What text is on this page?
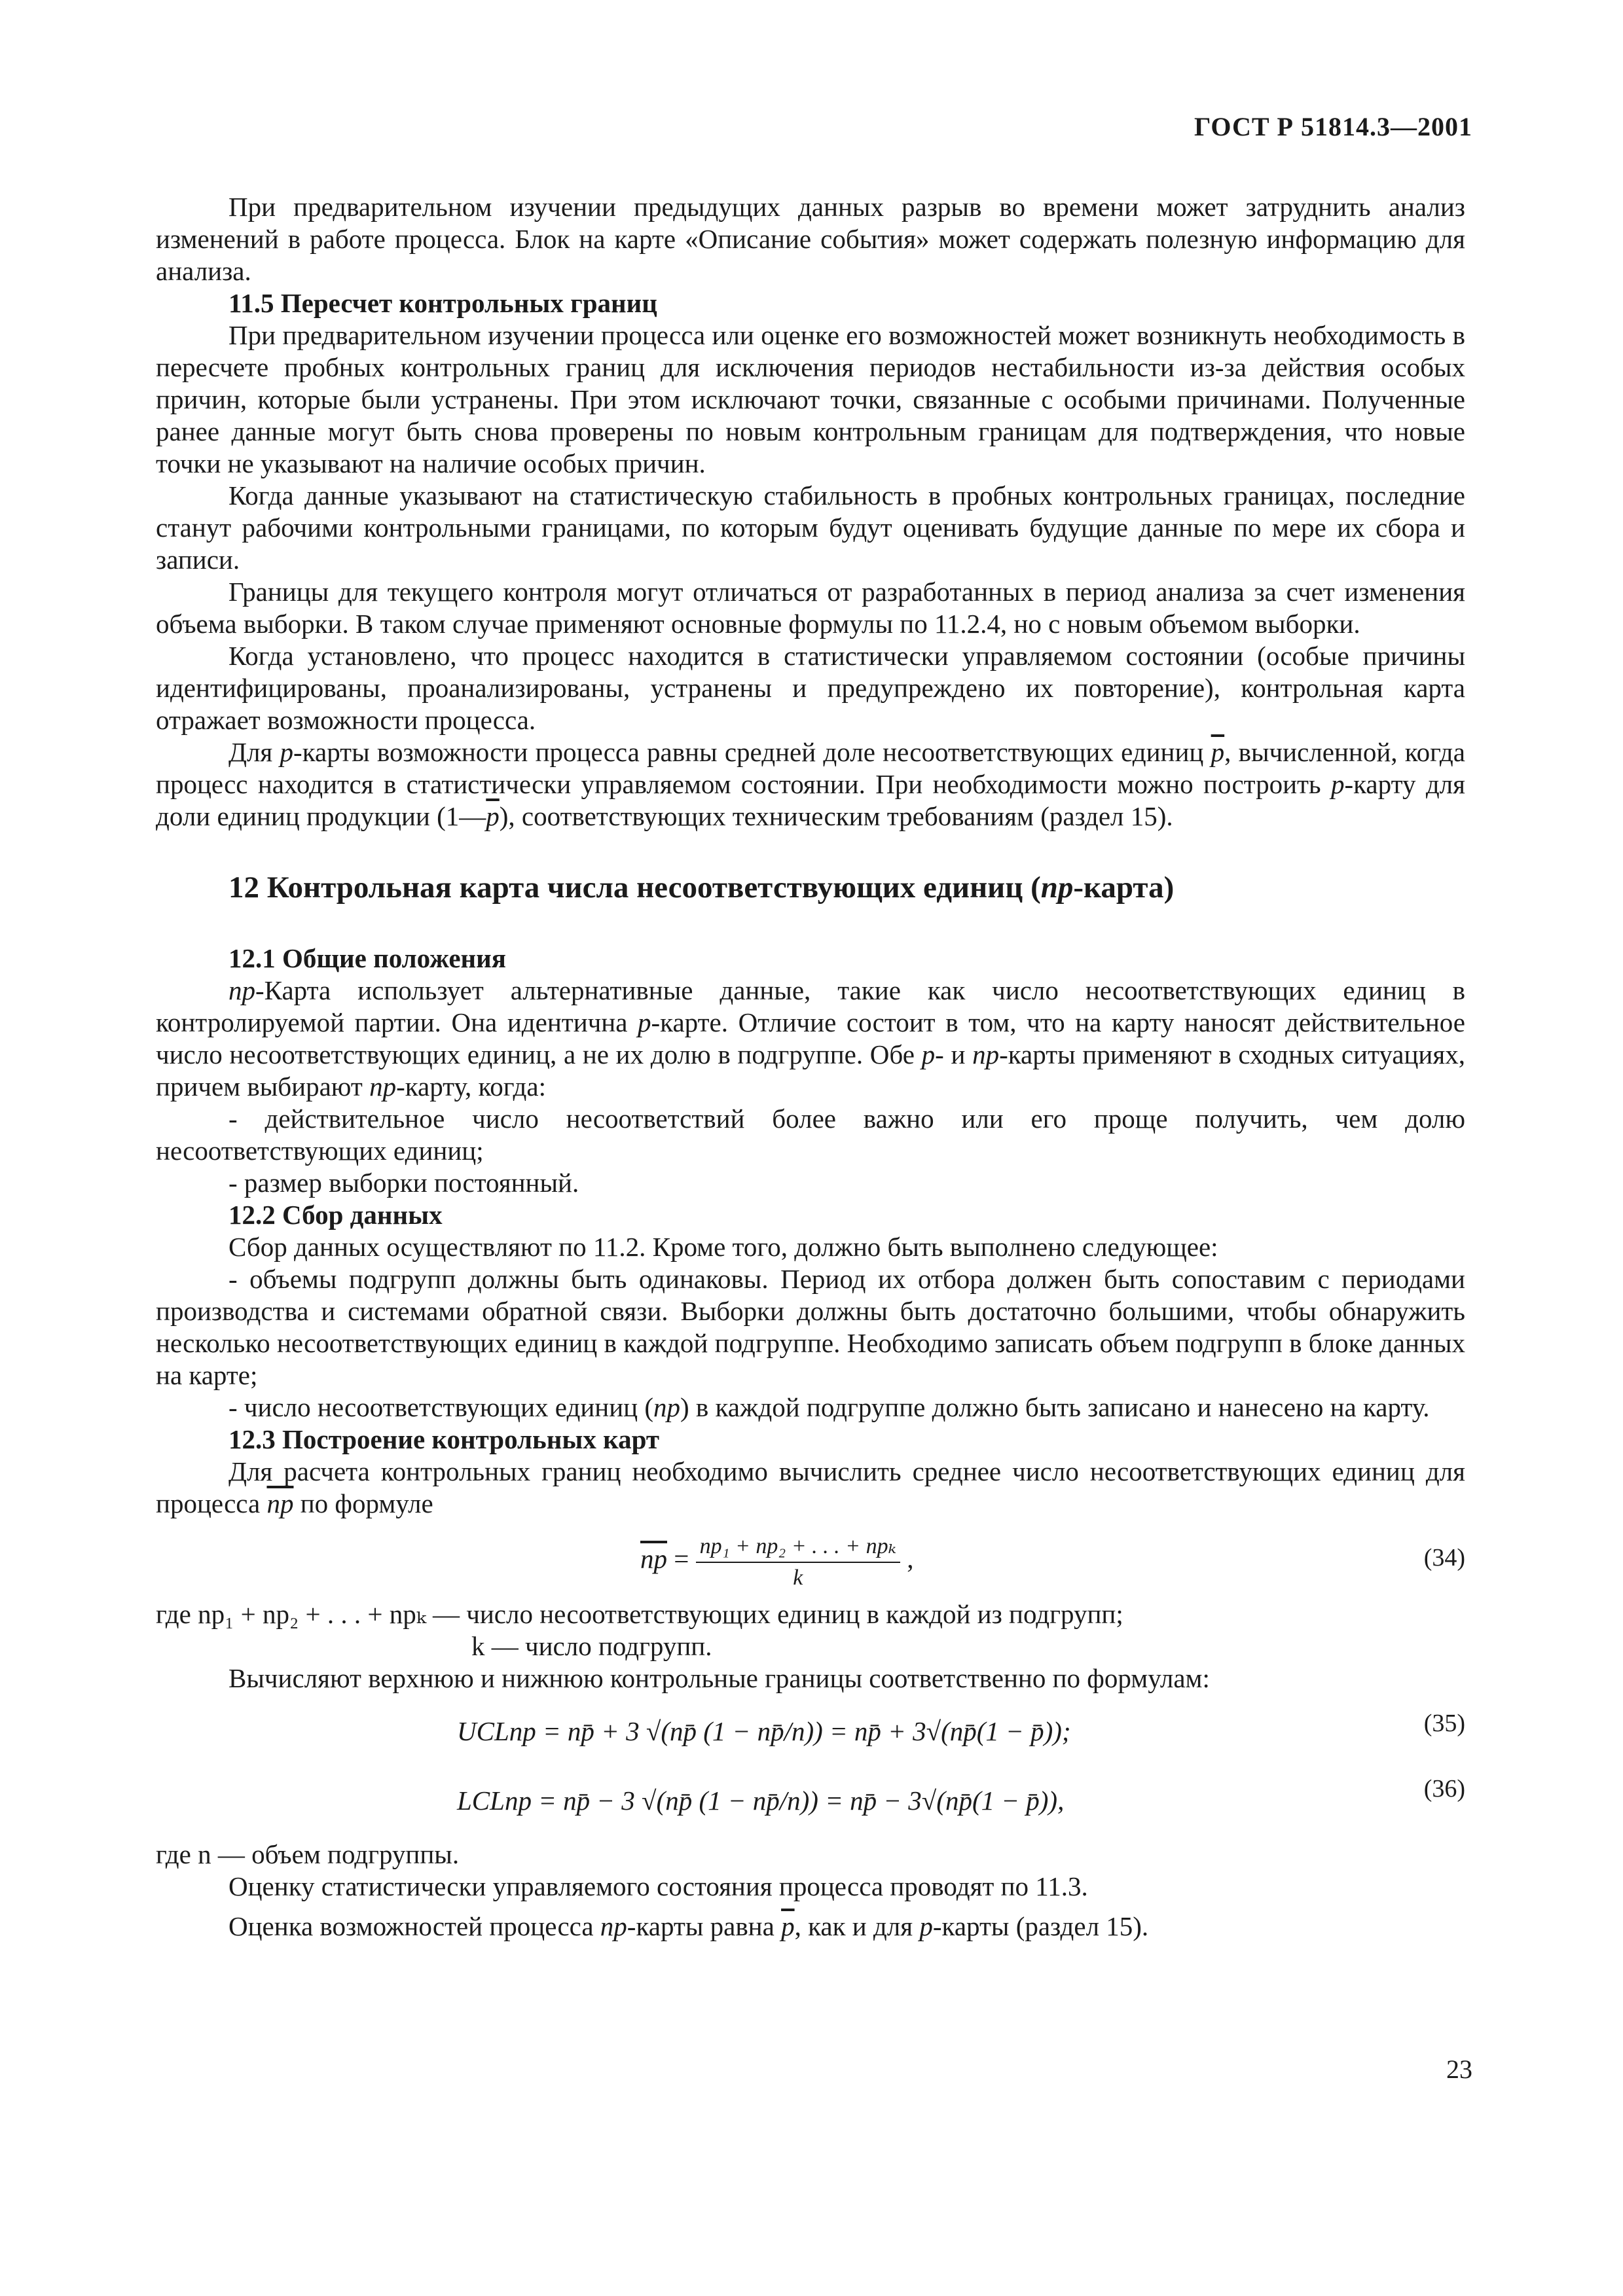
ГОСТ Р 51814.3—2001

При предварительном изучении предыдущих данных разрыв во времени может затруднить анализ изменений в работе процесса. Блок на карте «Описание события» может содержать полезную информацию для анализа.

11.5 Пересчет контрольных границ

При предварительном изучении процесса или оценке его возможностей может возникнуть необходимость в пересчете пробных контрольных границ для исключения периодов нестабильности из-за действия особых причин, которые были устранены. При этом исключают точки, связанные с особыми причинами. Полученные ранее данные могут быть снова проверены по новым контрольным границам для подтверждения, что новые точки не указывают на наличие особых причин.

Когда данные указывают на статистическую стабильность в пробных контрольных границах, последние станут рабочими контрольными границами, по которым будут оценивать будущие данные по мере их сбора и записи.

Границы для текущего контроля могут отличаться от разработанных в период анализа за счет изменения объема выборки. В таком случае применяют основные формулы по 11.2.4, но с новым объемом выборки.

Когда установлено, что процесс находится в статистически управляемом состоянии (особые причины идентифицированы, проанализированы, устранены и предупреждено их повторение), контрольная карта отражает возможности процесса.

Для p-карты возможности процесса равны средней доле несоответствующих единиц $\overline{p}$, вычисленной, когда процесс находится в статистически управляемом состоянии. При необходимости можно построить p-карту для доли единиц продукции $(1—\overline{p})$, соответствующих техническим требованиям (раздел 15).

12 Контрольная карта числа несоответствующих единиц (np-карта)

12.1 Общие положения

np-Карта использует альтернативные данные, такие как число несоответствующих единиц в контролируемой партии. Она идентична p-карте. Отличие состоит в том, что на карту наносят действительное число несоответствующих единиц, а не их долю в подгруппе. Обе p- и np-карты применяют в сходных ситуациях, причем выбирают np-карту, когда:

- действительное число несоответствий более важно или его проще получить, чем долю несоответствующих единиц;

- размер выборки постоянный.

12.2 Сбор данных

Сбор данных осуществляют по 11.2. Кроме того, должно быть выполнено следующее:

- объемы подгрупп должны быть одинаковы. Период их отбора должен быть сопоставим с периодами производства и системами обратной связи. Выборки должны быть достаточно большими, чтобы обнаружить несколько несоответствующих единиц в каждой подгруппе. Необходимо записать объем подгрупп в блоке данных на карте;

- число несоответствующих единиц (np) в каждой подгруппе должно быть записано и нанесено на карту.

12.3 Построение контрольных карт

Для расчета контрольных границ необходимо вычислить среднее число несоответствующих единиц для процесса $\overline{np}$ по формуле

$\overline{np} = \frac{\text{np₁ + np₂ + . . . + npₖ}}{k}$ ,	(34)

где np₁ + np₂ + . . . + npₖ — число несоответствующих единиц в каждой из подгрупп;

k — число подгрупп.

Вычисляют верхнюю и нижнюю контрольные границы соответственно по формулам:

UCLnp = np̄ + 3 √(np̄ (1 − np̄/n)) = np̄ + 3√(np̄(1 − p̄));	(35)
LCLnp = np̄ − 3 √(np̄ (1 − np̄/n)) = np̄ − 3√(np̄(1 − p̄)),	(36)

где n — объем подгруппы.

Оценку статистически управляемого состояния процесса проводят по 11.3.

Оценка возможностей процесса np-карты равна $\overline{p}$, как и для p-карты (раздел 15).

23
